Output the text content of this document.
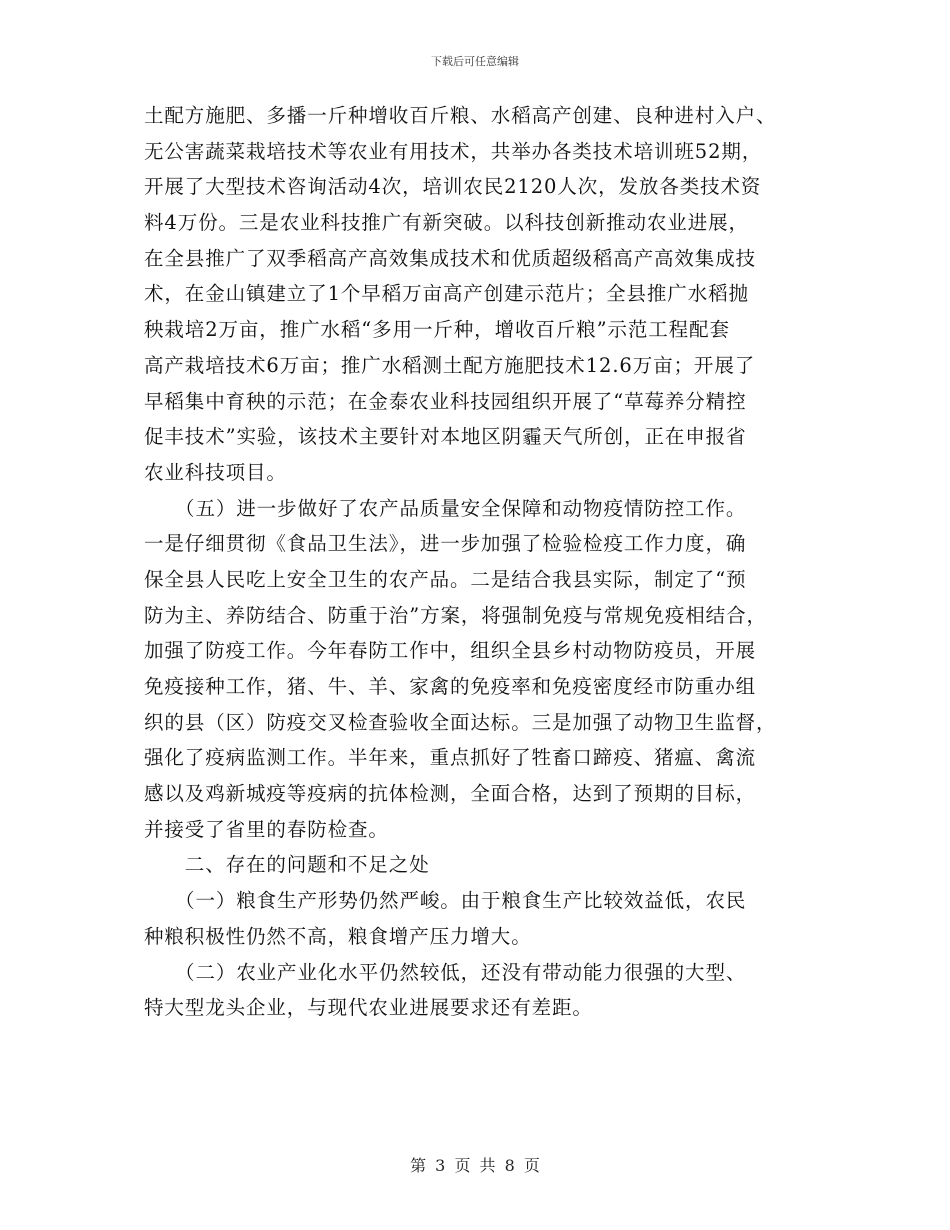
下载后可任意编辑
土配方施肥、多播一斤种增收百斤粮、水稻高产创建、良种进村入户、
无公害蔬菜栽培技术等农业有用技术，共举办各类技术培训班52期，
开展了大型技术咨询活动4次，培训农民2120人次，发放各类技术资
料4万份。三是农业科技推广有新突破。以科技创新推动农业进展，
在全县推广了双季稻高产高效集成技术和优质超级稻高产高效集成技
术，在金山镇建立了1个早稻万亩高产创建示范片；全县推广水稻抛
秧栽培2万亩，推广水稻“多用一斤种，增收百斤粮”示范工程配套
高产栽培技术6万亩；推广水稻测土配方施肥技术12.6万亩；开展了
早稻集中育秧的示范；在金泰农业科技园组织开展了“草莓养分精控
促丰技术”实验，该技术主要针对本地区阴霾天气所创，正在申报省
农业科技项目。
　　（五）进一步做好了农产品质量安全保障和动物疫情防控工作。
一是仔细贯彻《食品卫生法》，进一步加强了检验检疫工作力度，确
保全县人民吃上安全卫生的农产品。二是结合我县实际，制定了“预
防为主、养防结合、防重于治”方案，将强制免疫与常规免疫相结合，
加强了防疫工作。今年春防工作中，组织全县乡村动物防疫员，开展
免疫接种工作，猪、牛、羊、家禽的免疫率和免疫密度经市防重办组
织的县（区）防疫交叉检查验收全面达标。三是加强了动物卫生监督，
强化了疫病监测工作。半年来，重点抓好了牲畜口蹄疫、猪瘟、禽流
感以及鸡新城疫等疫病的抗体检测，全面合格，达到了预期的目标，
并接受了省里的春防检查。
　　二、存在的问题和不足之处
　　（一）粮食生产形势仍然严峻。由于粮食生产比较效益低，农民
种粮积极性仍然不高，粮食增产压力增大。
　　（二）农业产业化水平仍然较低，还没有带动能力很强的大型、
特大型龙头企业，与现代农业进展要求还有差距。
第 3 页 共 8 页
